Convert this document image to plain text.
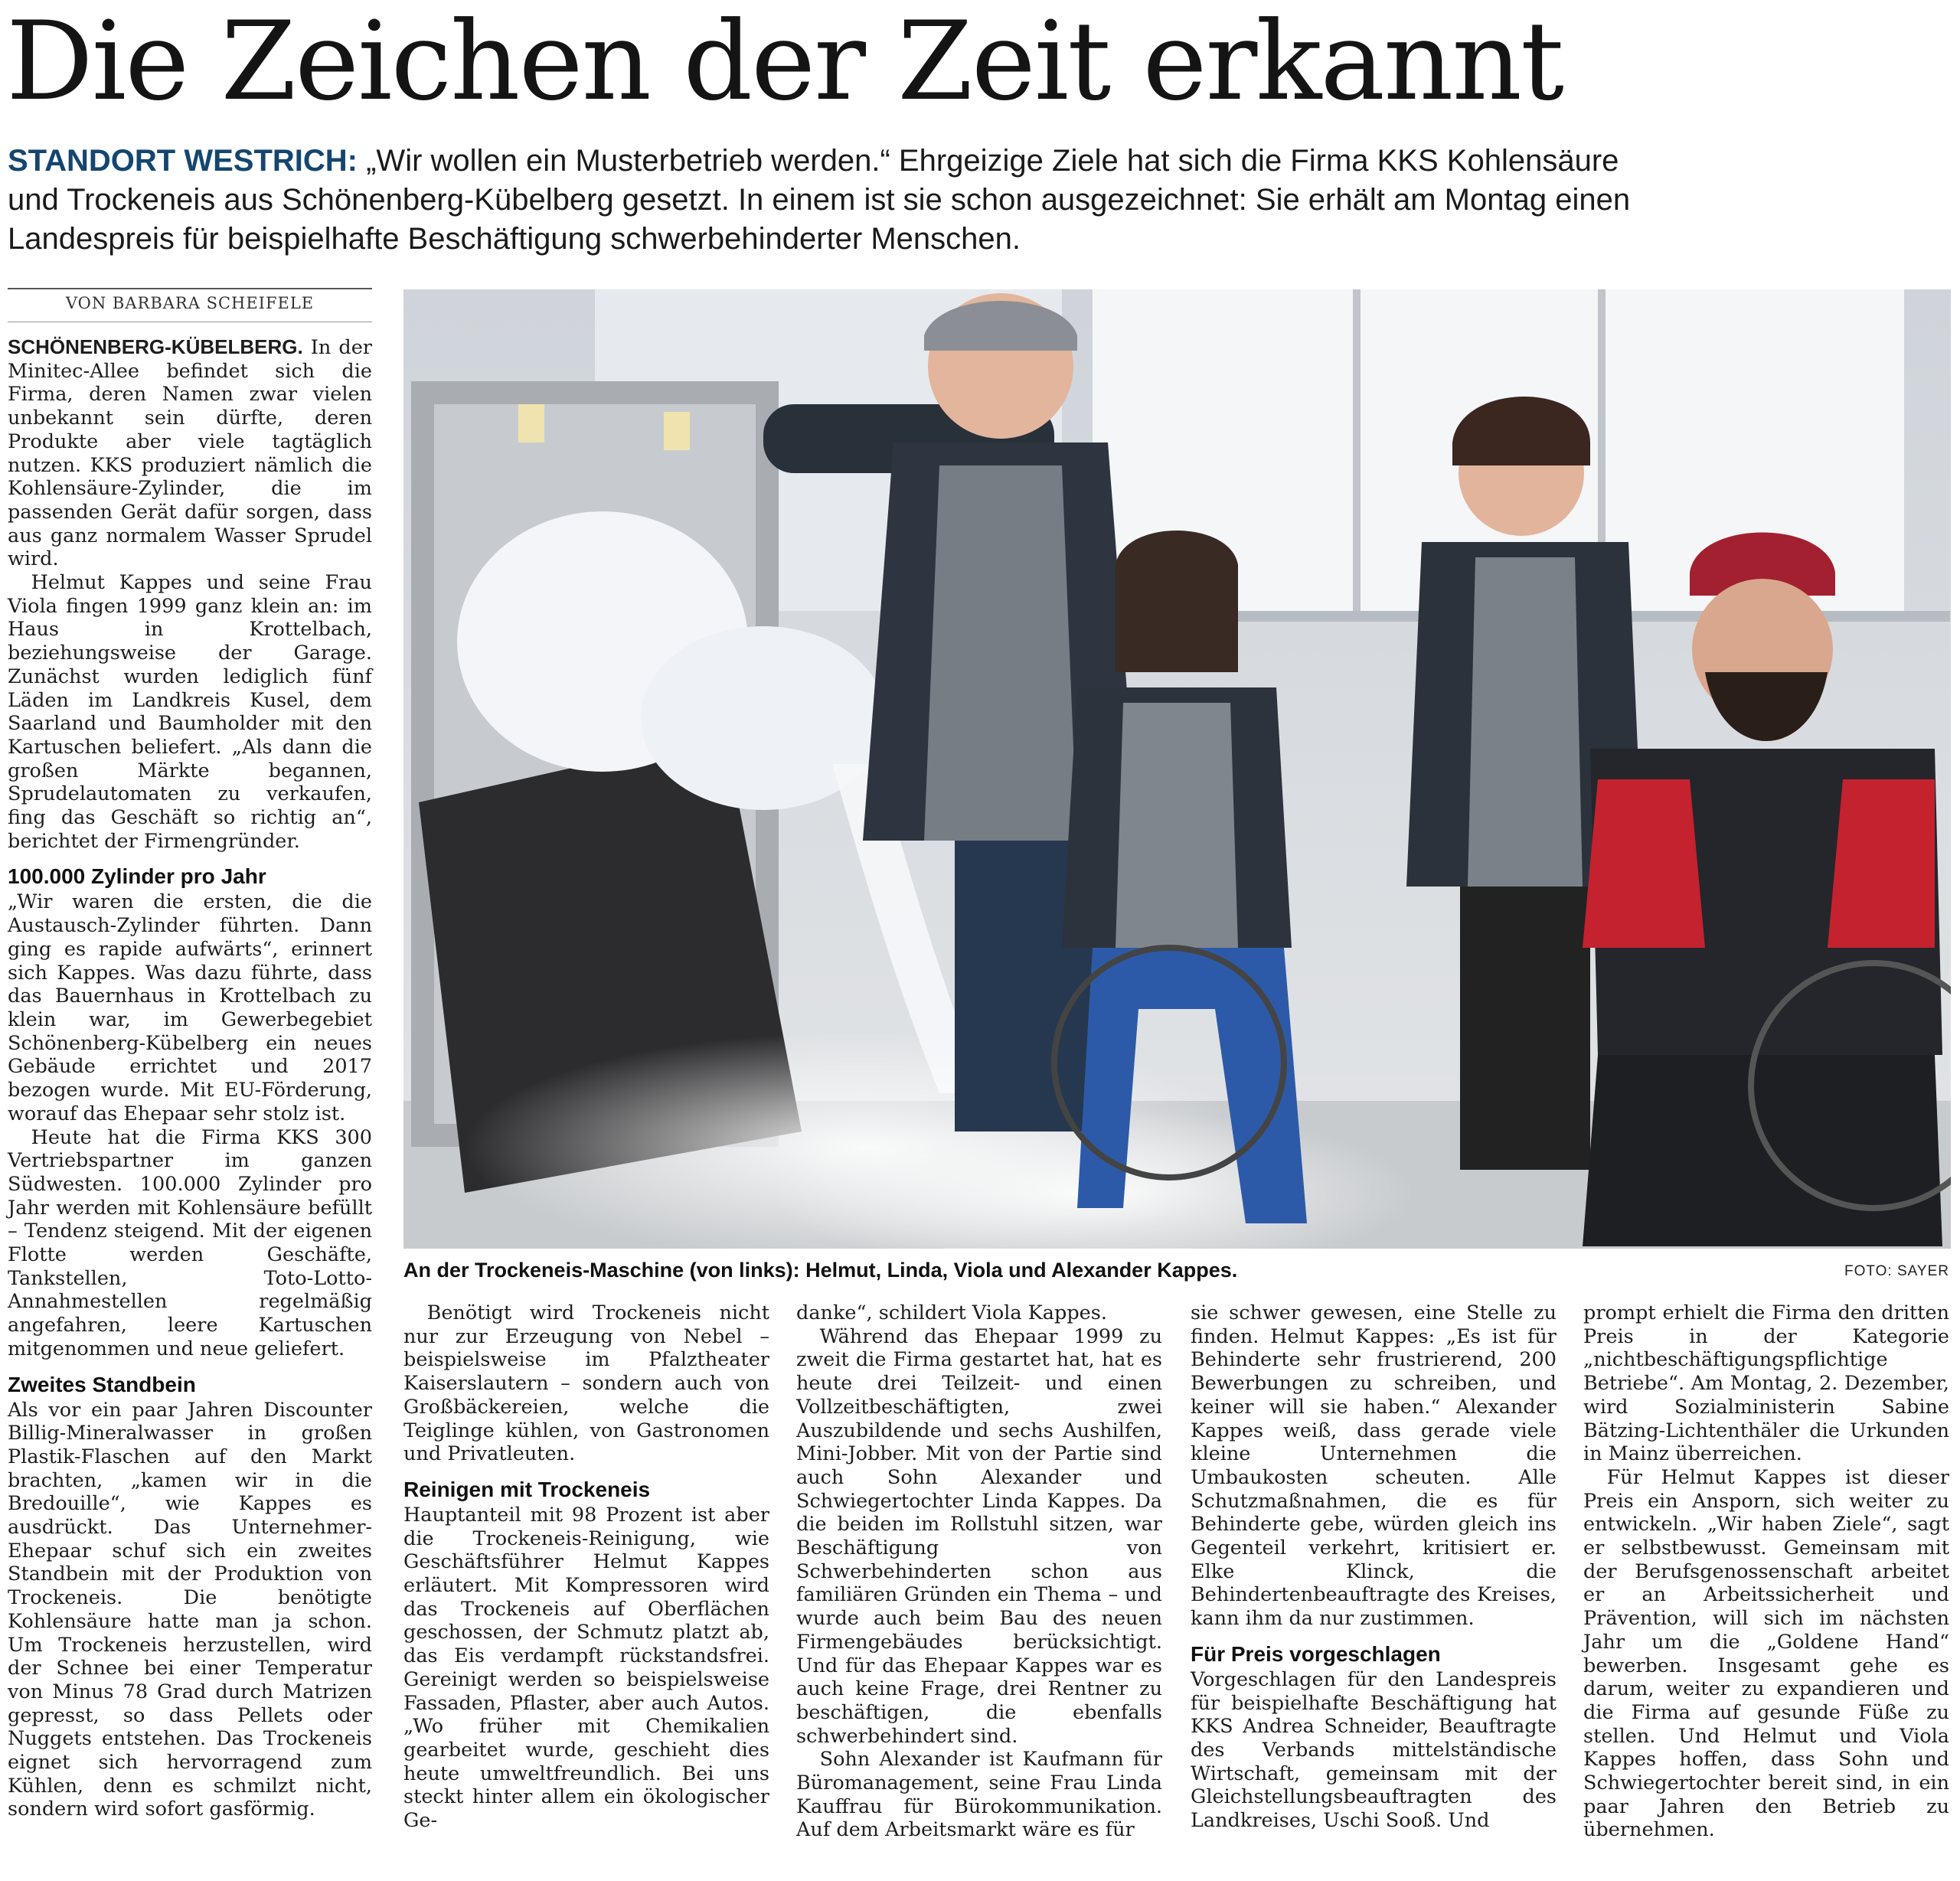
Die Zeichen der Zeit erkannt
STANDORT WESTRICH: „Wir wollen ein Musterbetrieb werden.“ Ehrgeizige Ziele hat sich die Firma KKS Kohlensäure und Trockeneis aus Schönenberg-Kübelberg gesetzt. In einem ist sie schon ausgezeichnet: Sie erhält am Montag einen Landespreis für beispielhafte Beschäftigung schwerbehinderter Menschen.
VON BARBARA SCHEIFELE

SCHÖNENBERG-KÜBELBERG. In der Minitec-Allee befindet sich die Firma, deren Namen zwar vielen unbekannt sein dürfte, deren Produkte aber viele tagtäglich nutzen. KKS produziert nämlich die Kohlensäure-Zylinder, die im passenden Gerät dafür sorgen, dass aus ganz normalem Wasser Sprudel wird.

Helmut Kappes und seine Frau Viola fingen 1999 ganz klein an: im Haus in Krottelbach, beziehungsweise der Garage. Zunächst wurden lediglich fünf Läden im Landkreis Kusel, dem Saarland und Baumholder mit den Kartuschen beliefert. „Als dann die großen Märkte begannen, Sprudelautomaten zu verkaufen, fing das Geschäft so richtig an“, berichtet der Firmengründer.

100.000 Zylinder pro Jahr

„Wir waren die ersten, die die Austausch-Zylinder führten. Dann ging es rapide aufwärts“, erinnert sich Kappes. Was dazu führte, dass das Bauernhaus in Krottelbach zu klein war, im Gewerbegebiet Schönenberg-Kübelberg ein neues Gebäude errichtet und 2017 bezogen wurde. Mit EU-Förderung, worauf das Ehepaar sehr stolz ist.

Heute hat die Firma KKS 300 Vertriebspartner im ganzen Südwesten. 100.000 Zylinder pro Jahr werden mit Kohlensäure befüllt – Tendenz steigend. Mit der eigenen Flotte werden Geschäfte, Tankstellen, Toto-Lotto-Annahmestellen regelmäßig angefahren, leere Kartuschen mitgenommen und neue geliefert.

Zweites Standbein

Als vor ein paar Jahren Discounter Billig-Mineralwasser in großen Plastik-Flaschen auf den Markt brachten, „kamen wir in die Bredouille“, wie Kappes es ausdrückt. Das Unternehmer-Ehepaar schuf sich ein zweites Standbein mit der Produktion von Trockeneis. Die benötigte Kohlensäure hatte man ja schon. Um Trockeneis herzustellen, wird der Schnee bei einer Temperatur von Minus 78 Grad durch Matrizen gepresst, so dass Pellets oder Nuggets entstehen. Das Trockeneis eignet sich hervorragend zum Kühlen, denn es schmilzt nicht, sondern wird sofort gasförmig.

An der Trockeneis-Maschine (von links): Helmut, Linda, Viola und Alexander Kappes.	FOTO: SAYER

Benötigt wird Trockeneis nicht nur zur Erzeugung von Nebel – beispielsweise im Pfalztheater Kaiserslautern – sondern auch von Großbäckereien, welche die Teiglinge kühlen, von Gastronomen und Privatleuten.

Reinigen mit Trockeneis

Hauptanteil mit 98 Prozent ist aber die Trockeneis-Reinigung, wie Geschäftsführer Helmut Kappes erläutert. Mit Kompressoren wird das Trockeneis auf Oberflächen geschossen, der Schmutz platzt ab, das Eis verdampft rückstandsfrei. Gereinigt werden so beispielsweise Fassaden, Pflaster, aber auch Autos. „Wo früher mit Chemikalien gearbeitet wurde, geschieht dies heute umweltfreundlich. Bei uns steckt hinter allem ein ökologischer Ge-

danke“, schildert Viola Kappes.

Während das Ehepaar 1999 zu zweit die Firma gestartet hat, hat es heute drei Teilzeit- und einen Vollzeitbeschäftigten, zwei Auszubildende und sechs Aushilfen, Mini-Jobber. Mit von der Partie sind auch Sohn Alexander und Schwiegertochter Linda Kappes. Da die beiden im Rollstuhl sitzen, war Beschäftigung von Schwerbehinderten schon aus familiären Gründen ein Thema – und wurde auch beim Bau des neuen Firmengebäudes berücksichtigt. Und für das Ehepaar Kappes war es auch keine Frage, drei Rentner zu beschäftigen, die ebenfalls schwerbehindert sind.

Sohn Alexander ist Kaufmann für Büromanagement, seine Frau Linda Kauffrau für Bürokommunikation. Auf dem Arbeitsmarkt wäre es für

sie schwer gewesen, eine Stelle zu finden. Helmut Kappes: „Es ist für Behinderte sehr frustrierend, 200 Bewerbungen zu schreiben, und keiner will sie haben.“ Alexander Kappes weiß, dass gerade viele kleine Unternehmen die Umbaukosten scheuten. Alle Schutzmaßnahmen, die es für Behinderte gebe, würden gleich ins Gegenteil verkehrt, kritisiert er. Elke Klinck, die Behindertenbeauftragte des Kreises, kann ihm da nur zustimmen.

Für Preis vorgeschlagen

Vorgeschlagen für den Landespreis für beispielhafte Beschäftigung hat KKS Andrea Schneider, Beauftragte des Verbands mittelständische Wirtschaft, gemeinsam mit der Gleichstellungsbeauftragten des Landkreises, Uschi Sooß. Und

prompt erhielt die Firma den dritten Preis in der Kategorie „nichtbeschäftigungspflichtige Betriebe“. Am Montag, 2. Dezember, wird Sozialministerin Sabine Bätzing-Lichtenthäler die Urkunden in Mainz überreichen.

Für Helmut Kappes ist dieser Preis ein Ansporn, sich weiter zu entwickeln. „Wir haben Ziele“, sagt er selbstbewusst. Gemeinsam mit der Berufsgenossenschaft arbeitet er an Arbeitssicherheit und Prävention, will sich im nächsten Jahr um die „Goldene Hand“ bewerben. Insgesamt gehe es darum, weiter zu expandieren und die Firma auf gesunde Füße zu stellen. Und Helmut und Viola Kappes hoffen, dass Sohn und Schwiegertochter bereit sind, in ein paar Jahren den Betrieb zu übernehmen.
